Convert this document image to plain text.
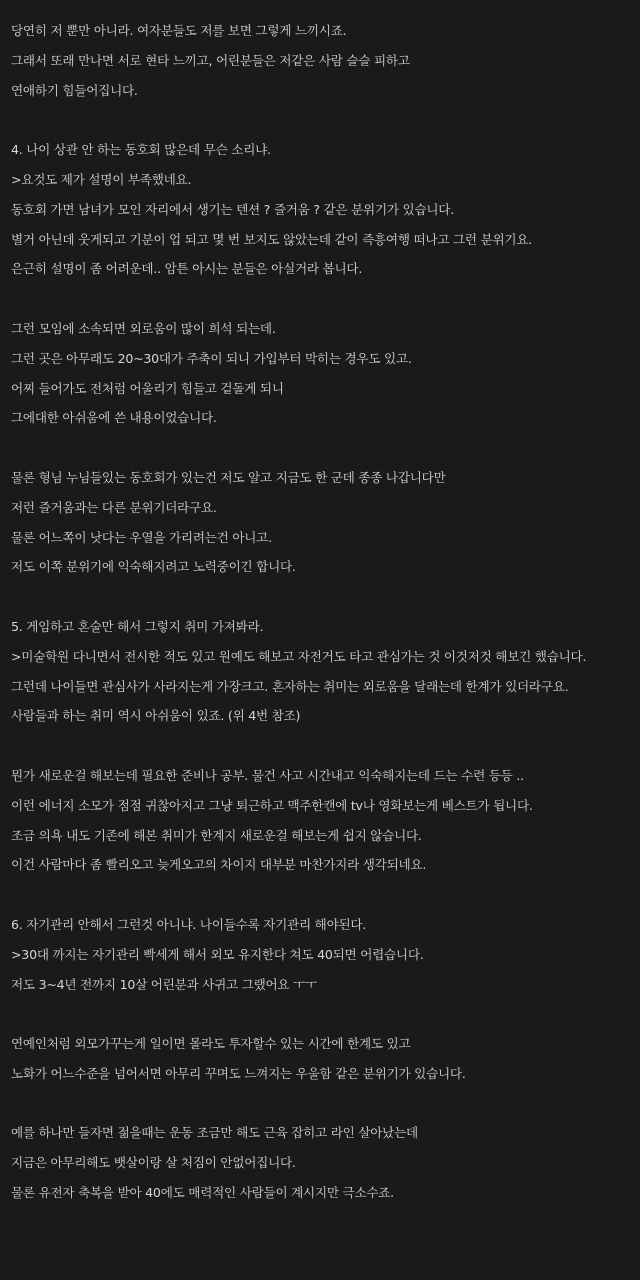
당연히 저 뿐만 아니라. 여자분들도 저를 보면 그렇게 느끼시죠.
그래서 또래 만나면 서로 현타 느끼고, 어린분들은 저같은 사람 슬슬 피하고
연애하기 힘들어집니다.
4. 나이 상관 안 하는 동호회 많은데 무슨 소리냐.
>요것도 제가 설명이 부족했네요.
동호회 가면 남녀가 모인 자리에서 생기는 텐션 ? 즐거움 ? 같은 분위기가 있습니다.
별거 아닌데 웃게되고 기분이 업 되고 몇 번 보지도 않았는데 같이 즉흥여행 떠나고 그런 분위기요.
은근히 설명이 좀 어려운데.. 암튼 아시는 분들은 아실거라 봅니다.
그런 모임에 소속되면 외로움이 많이 희석 되는데.
그런 곳은 아무래도 20~30대가 주축이 되니 가입부터 막히는 경우도 있고.
어찌 들어가도 전처럼 어울리기 힘들고 겉돌게 되니
그에대한 아쉬움에 쓴 내용이었습니다.
물론 형님 누님들있는 동호회가 있는건 저도 알고 지금도 한 군데 종종 나갑니다만
저런 즐거움과는 다른 분위기더라구요.
물론 어느쪽이 낫다는 우열을 가리려는건 아니고.
저도 이쪽 분위기에 익숙해지려고 노력중이긴 합니다.
5. 게임하고 혼술만 해서 그렇지 취미 가져봐라.
>미술학원 다니면서 전시한 적도 있고 원예도 해보고 자전거도 타고 관심가는 것 이것저것 해보긴 했습니다.
그런데 나이들면 관심사가 사라지는게 가장크고. 혼자하는 취미는 외로움을 달래는데 한계가 있더라구요.
사람들과 하는 취미 역시 아쉬움이 있죠. (위 4번 참조)
뭔가 새로운걸 해보는데 필요한 준비나 공부. 물건 사고 시간내고 익숙해지는데 드는 수련 등등 ..
이런 에너지 소모가 점점 귀찮아지고 그냥 퇴근하고 맥주한캔에 tv나 영화보는게 베스트가 됩니다.
조금 의욕 내도 기존에 해본 취미가 한계지 새로운걸 해보는게 쉽지 않습니다.
이건 사람마다 좀 빨리오고 늦게오고의 차이지 대부분 마찬가지라 생각되네요.
6. 자기관리 안해서 그런것 아니냐. 나이들수록 자기관리 해야된다.
>30대 까지는 자기관리 빡세게 해서 외모 유지한다 쳐도 40되면 어렵습니다.
저도 3~4년 전까지 10살 어린분과 사귀고 그랬어요 ㅜㅜ
연예인처럼 외모가꾸는게 일이면 몰라도 투자할수 있는 시간에 한계도 있고
노화가 어느수준을 넘어서면 아무리 꾸며도 느껴지는 우울함 같은 분위기가 있습니다.
예를 하나만 들자면 젊을때는 운동 조금만 해도 근육 잡히고 라인 살아났는데
지금은 아무리해도 뱃살이랑 살 처짐이 안없어집니다.
물론 유전자 축복을 받아 40에도 매력적인 사람들이 계시지만 극소수죠.
